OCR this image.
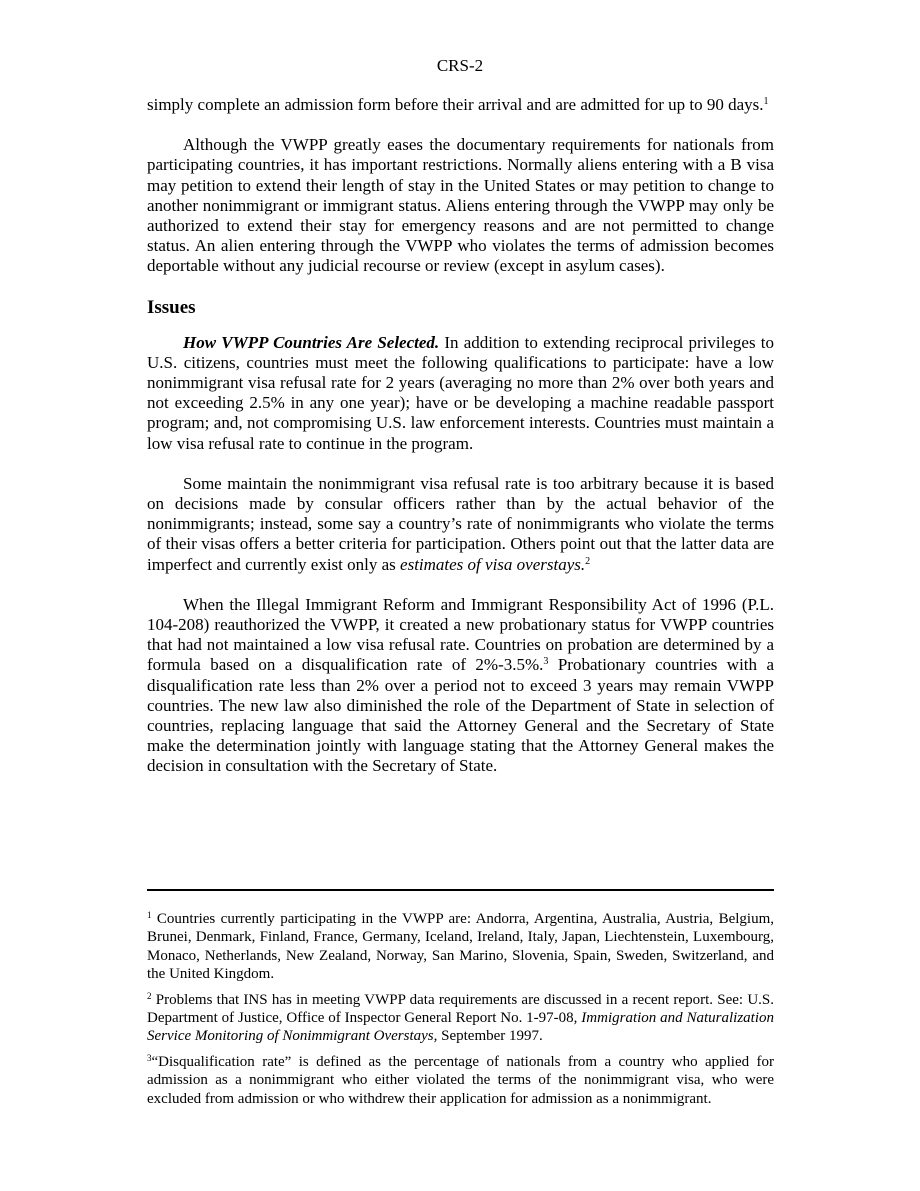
CRS-2

simply complete an admission form before their arrival and are admitted for up to 90 days.$^1$

Although the VWPP greatly eases the documentary requirements for nationals from participating countries, it has important restrictions. Normally aliens entering with a B visa may petition to extend their length of stay in the United States or may petition to change to another nonimmigrant or immigrant status. Aliens entering through the VWPP may only be authorized to extend their stay for emergency reasons and are not permitted to change status. An alien entering through the VWPP who violates the terms of admission becomes deportable without any judicial recourse or review (except in asylum cases).

Issues

How VWPP Countries Are Selected. In addition to extending reciprocal privileges to U.S. citizens, countries must meet the following qualifications to participate: have a low nonimmigrant visa refusal rate for 2 years (averaging no more than 2% over both years and not exceeding 2.5% in any one year); have or be developing a machine readable passport program; and, not compromising U.S. law enforcement interests. Countries must maintain a low visa refusal rate to continue in the program.

Some maintain the nonimmigrant visa refusal rate is too arbitrary because it is based on decisions made by consular officers rather than by the actual behavior of the nonimmigrants; instead, some say a country’s rate of nonimmigrants who violate the terms of their visas offers a better criteria for participation. Others point out that the latter data are imperfect and currently exist only as estimates of visa overstays.$^2$

When the Illegal Immigrant Reform and Immigrant Responsibility Act of 1996 (P.L. 104-208) reauthorized the VWPP, it created a new probationary status for VWPP countries that had not maintained a low visa refusal rate. Countries on probation are determined by a formula based on a disqualification rate of 2%-3.5%.$^3$ Probationary countries with a disqualification rate less than 2% over a period not to exceed 3 years may remain VWPP countries. The new law also diminished the role of the Department of State in selection of countries, replacing language that said the Attorney General and the Secretary of State make the determination jointly with language stating that the Attorney General makes the decision in consultation with the Secretary of State.

$^1$ Countries currently participating in the VWPP are: Andorra, Argentina, Australia, Austria, Belgium, Brunei, Denmark, Finland, France, Germany, Iceland, Ireland, Italy, Japan, Liechtenstein, Luxembourg, Monaco, Netherlands, New Zealand, Norway, San Marino, Slovenia, Spain, Sweden, Switzerland, and the United Kingdom.
$^2$ Problems that INS has in meeting VWPP data requirements are discussed in a recent report. See: U.S. Department of Justice, Office of Inspector General Report No. 1-97-08, Immigration and Naturalization Service Monitoring of Nonimmigrant Overstays, September 1997.
$^3$“Disqualification rate” is defined as the percentage of nationals from a country who applied for admission as a nonimmigrant who either violated the terms of the nonimmigrant visa, who were excluded from admission or who withdrew their application for admission as a nonimmigrant.
